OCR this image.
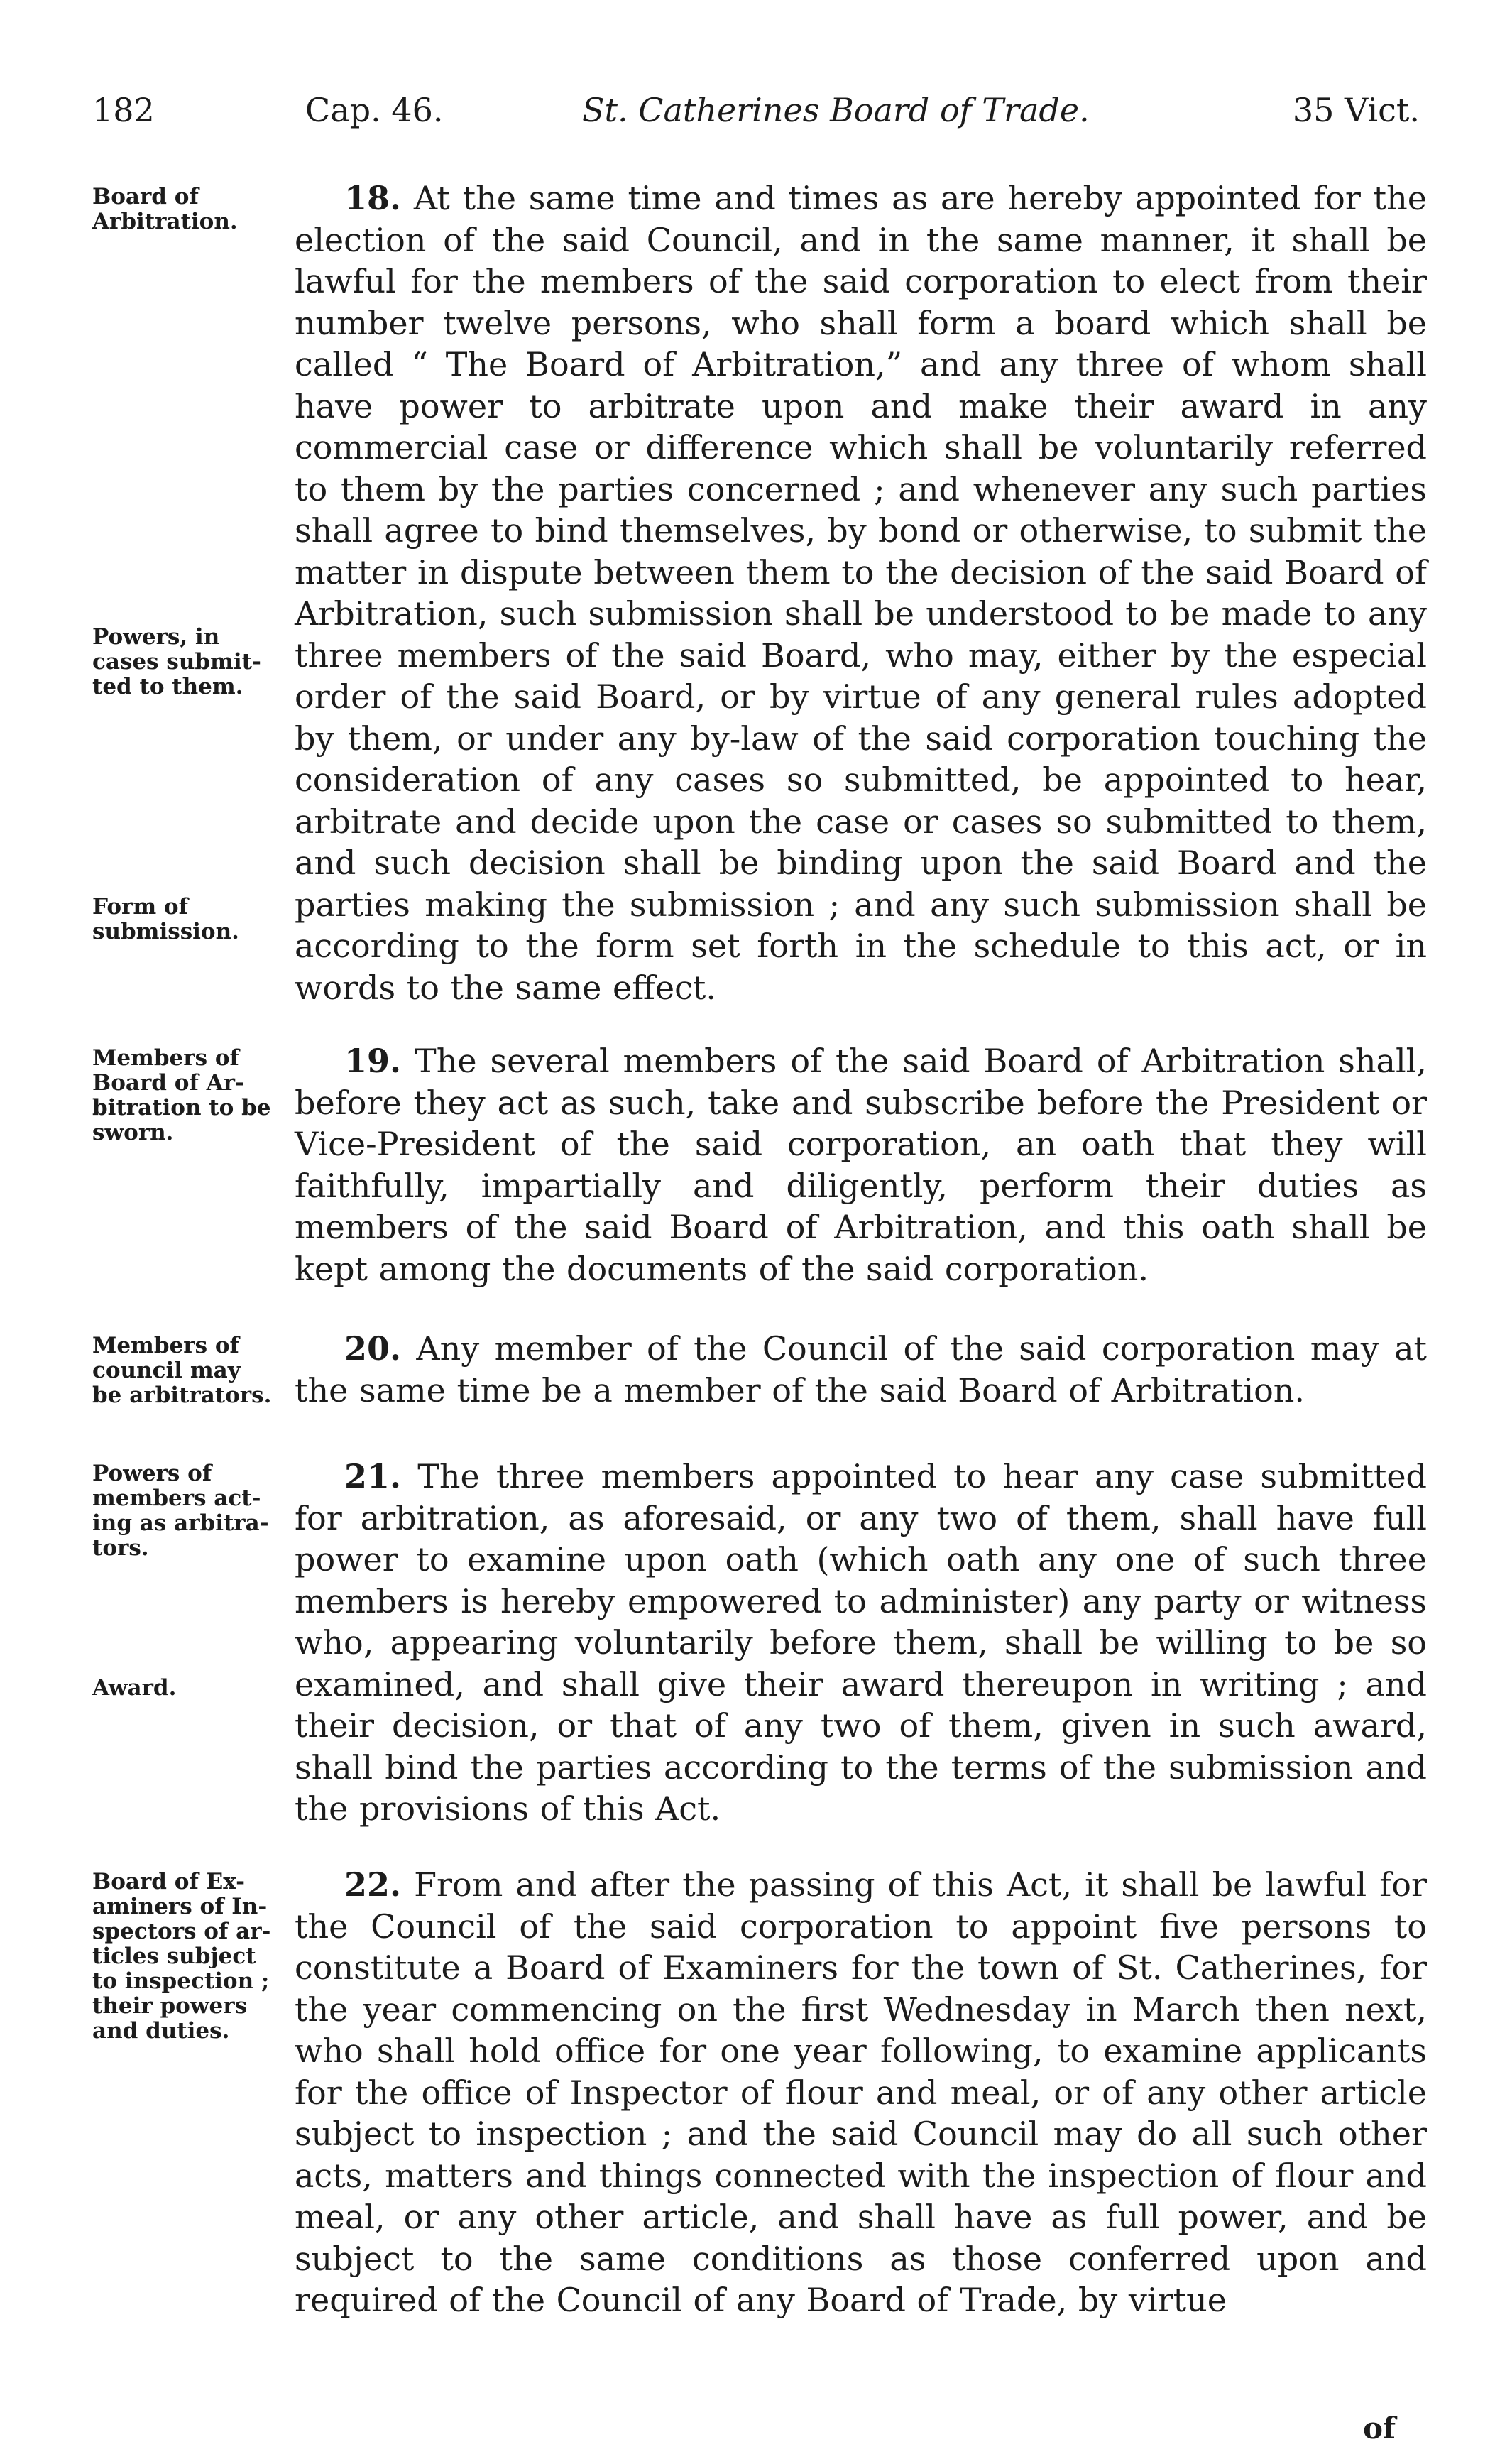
182	Cap. 46.	St. Catherines Board of Trade.	35 Vict.
Board of
Arbitration.
Powers, in
cases submit-
ted to them.
Form of
submission.
18. At the same time and times as are hereby appointed for the election of the said Council, and in the same manner, it shall be lawful for the members of the said corporation to elect from their number twelve persons, who shall form a board which shall be called “ The Board of Arbitration,” and any three of whom shall have power to arbitrate upon and make their award in any commercial case or difference which shall be voluntarily referred to them by the parties concerned ; and whenever any such parties shall agree to bind themselves, by bond or otherwise, to submit the matter in dispute between them to the decision of the said Board of Arbitration, such submission shall be understood to be made to any three members of the said Board, who may, either by the especial order of the said Board, or by virtue of any general rules adopted by them, or under any by-law of the said corporation touching the consideration of any cases so submitted, be appointed to hear, arbitrate and decide upon the case or cases so submitted to them, and such decision shall be binding upon the said Board and the parties making the submission ; and any such submission shall be according to the form set forth in the schedule to this act, or in words to the same effect.
Members of
Board of Ar-
bitration to be
sworn.
19. The several members of the said Board of Arbitration shall, before they act as such, take and subscribe before the President or Vice-President of the said corporation, an oath that they will faithfully, impartially and diligently, perform their duties as members of the said Board of Arbitration, and this oath shall be kept among the documents of the said corporation.
Members of
council may
be arbitrators.
20. Any member of the Council of the said corporation may at the same time be a member of the said Board of Arbitration.
Powers of
members act-
ing as arbitra-
tors.
Award.
21. The three members appointed to hear any case submitted for arbitration, as aforesaid, or any two of them, shall have full power to examine upon oath (which oath any one of such three members is hereby empowered to administer) any party or witness who, appearing voluntarily before them, shall be willing to be so examined, and shall give their award thereupon in writing ; and their decision, or that of any two of them, given in such award, shall bind the parties according to the terms of the submission and the provisions of this Act.
Board of Ex-
aminers of In-
spectors of ar-
ticles subject
to inspection ;
their powers
and duties.
22. From and after the passing of this Act, it shall be lawful for the Council of the said corporation to appoint five persons to constitute a Board of Examiners for the town of St. Catherines, for the year commencing on the first Wednesday in March then next, who shall hold office for one year following, to examine applicants for the office of Inspector of flour and meal, or of any other article subject to inspection ; and the said Council may do all such other acts, matters and things connected with the inspection of flour and meal, or any other article, and shall have as full power, and be subject to the same conditions as those conferred upon and required of the Council of any Board of Trade, by virtue
of
